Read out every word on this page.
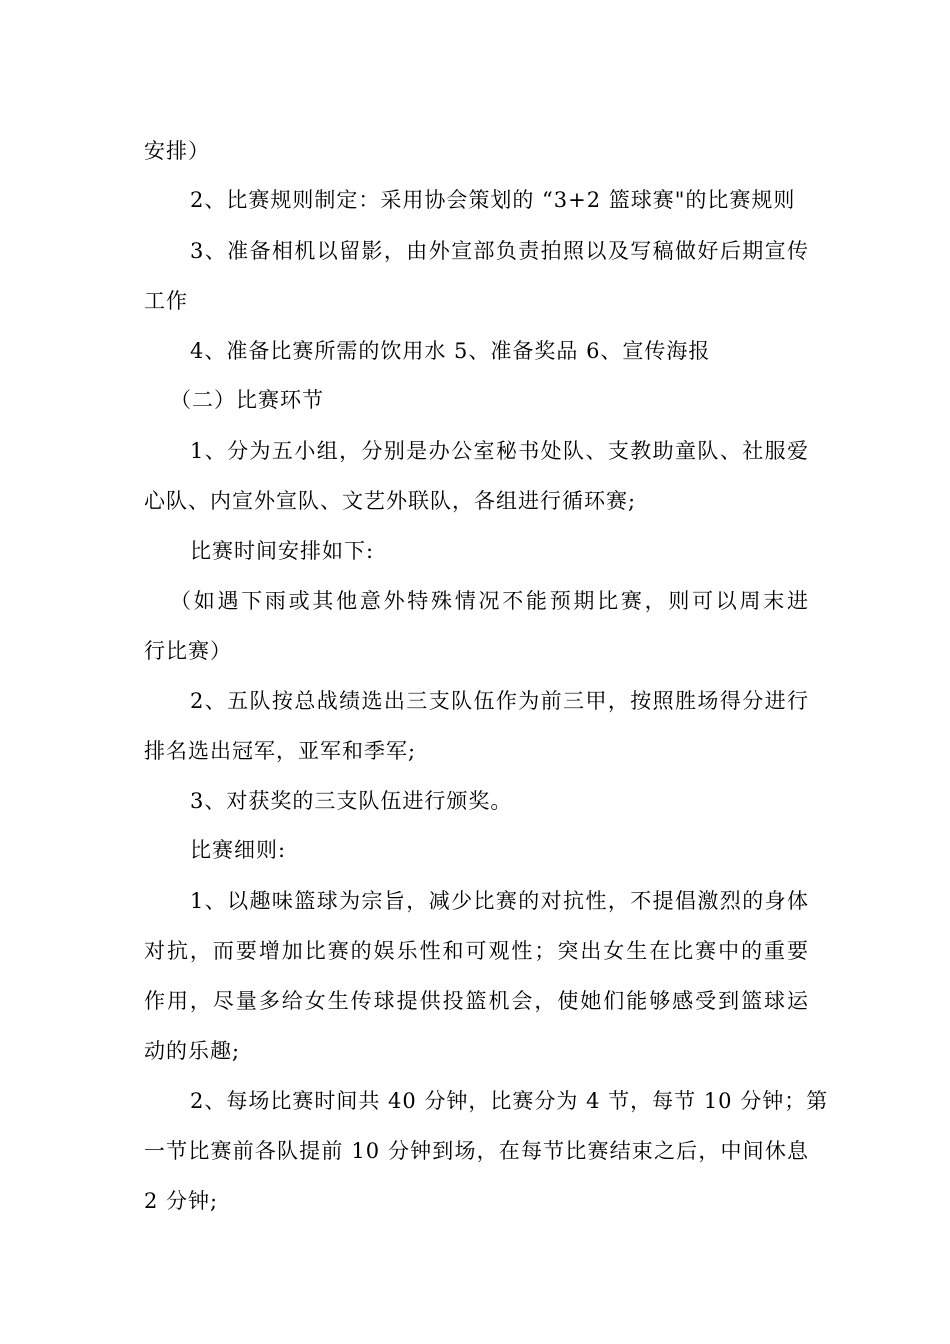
安排）
2、比赛规则制定：采用协会策划的 “3+2 篮球赛"的比赛规则
3、准备相机以留影，由外宣部负责拍照以及写稿做好后期宣传
工作
4、准备比赛所需的饮用水 5、准备奖品 6、宣传海报
（二）比赛环节
1、分为五小组，分别是办公室秘书处队、支教助童队、社服爱
心队、内宣外宣队、文艺外联队，各组进行循环赛;
比赛时间安排如下:
（如遇下雨或其他意外特殊情况不能预期比赛，则可以周末进
行比赛）
2、五队按总战绩选出三支队伍作为前三甲，按照胜场得分进行
排名选出冠军，亚军和季军;
3、对获奖的三支队伍进行颁奖。
比赛细则:
1、以趣味篮球为宗旨，减少比赛的对抗性，不提倡激烈的身体
对抗，而要增加比赛的娱乐性和可观性；突出女生在比赛中的重要
作用，尽量多给女生传球提供投篮机会，使她们能够感受到篮球运
动的乐趣;
2、每场比赛时间共 40 分钟，比赛分为 4 节，每节 10 分钟；第
一节比赛前各队提前 10 分钟到场，在每节比赛结束之后，中间休息
2 分钟;
